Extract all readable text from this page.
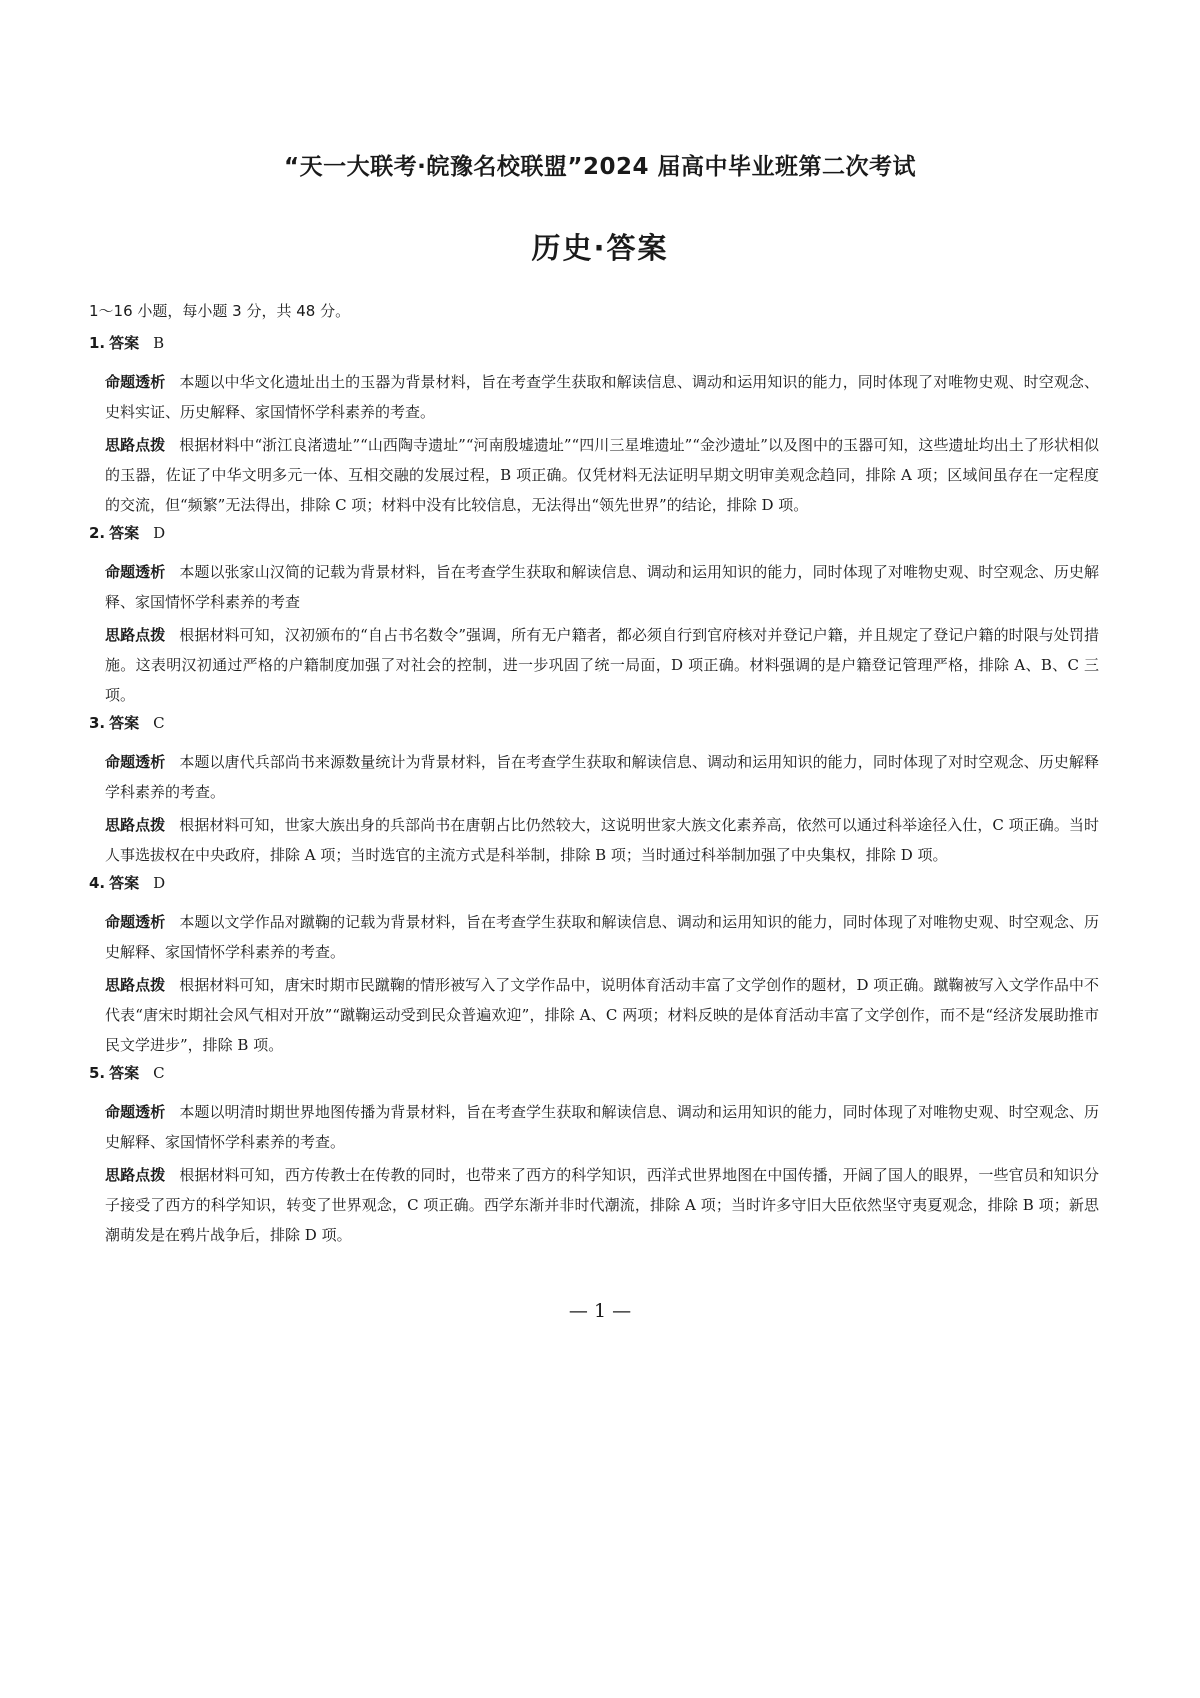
“天一大联考·皖豫名校联盟”2024 届高中毕业班第二次考试
历史·答案
1～16 小题，每小题 3 分，共 48 分。
1. 答案 B
命题透析 本题以中华文化遗址出土的玉器为背景材料，旨在考查学生获取和解读信息、调动和运用知识的能力，同时体现了对唯物史观、时空观念、史料实证、历史解释、家国情怀学科素养的考查。
思路点拨 根据材料中“浙江良渚遗址”“山西陶寺遗址”“河南殷墟遗址”“四川三星堆遗址”“金沙遗址”以及图中的玉器可知，这些遗址均出土了形状相似的玉器，佐证了中华文明多元一体、互相交融的发展过程，B 项正确。仅凭材料无法证明早期文明审美观念趋同，排除 A 项；区域间虽存在一定程度的交流，但“频繁”无法得出，排除 C 项；材料中没有比较信息，无法得出“领先世界”的结论，排除 D 项。
2. 答案 D
命题透析 本题以张家山汉简的记载为背景材料，旨在考查学生获取和解读信息、调动和运用知识的能力，同时体现了对唯物史观、时空观念、历史解释、家国情怀学科素养的考查
思路点拨 根据材料可知，汉初颁布的“自占书名数令”强调，所有无户籍者，都必须自行到官府核对并登记户籍，并且规定了登记户籍的时限与处罚措施。这表明汉初通过严格的户籍制度加强了对社会的控制，进一步巩固了统一局面，D 项正确。材料强调的是户籍登记管理严格，排除 A、B、C 三项。
3. 答案 C
命题透析 本题以唐代兵部尚书来源数量统计为背景材料，旨在考查学生获取和解读信息、调动和运用知识的能力，同时体现了对时空观念、历史解释学科素养的考查。
思路点拨 根据材料可知，世家大族出身的兵部尚书在唐朝占比仍然较大，这说明世家大族文化素养高，依然可以通过科举途径入仕，C 项正确。当时人事选拔权在中央政府，排除 A 项；当时选官的主流方式是科举制，排除 B 项；当时通过科举制加强了中央集权，排除 D 项。
4. 答案 D
命题透析 本题以文学作品对蹴鞠的记载为背景材料，旨在考查学生获取和解读信息、调动和运用知识的能力，同时体现了对唯物史观、时空观念、历史解释、家国情怀学科素养的考查。
思路点拨 根据材料可知，唐宋时期市民蹴鞠的情形被写入了文学作品中，说明体育活动丰富了文学创作的题材，D 项正确。蹴鞠被写入文学作品中不代表“唐宋时期社会风气相对开放”“蹴鞠运动受到民众普遍欢迎”，排除 A、C 两项；材料反映的是体育活动丰富了文学创作，而不是“经济发展助推市民文学进步”，排除 B 项。
5. 答案 C
命题透析 本题以明清时期世界地图传播为背景材料，旨在考查学生获取和解读信息、调动和运用知识的能力，同时体现了对唯物史观、时空观念、历史解释、家国情怀学科素养的考查。
思路点拨 根据材料可知，西方传教士在传教的同时，也带来了西方的科学知识，西洋式世界地图在中国传播，开阔了国人的眼界，一些官员和知识分子接受了西方的科学知识，转变了世界观念，C 项正确。西学东渐并非时代潮流，排除 A 项；当时许多守旧大臣依然坚守夷夏观念，排除 B 项；新思潮萌发是在鸦片战争后，排除 D 项。
— 1 —
